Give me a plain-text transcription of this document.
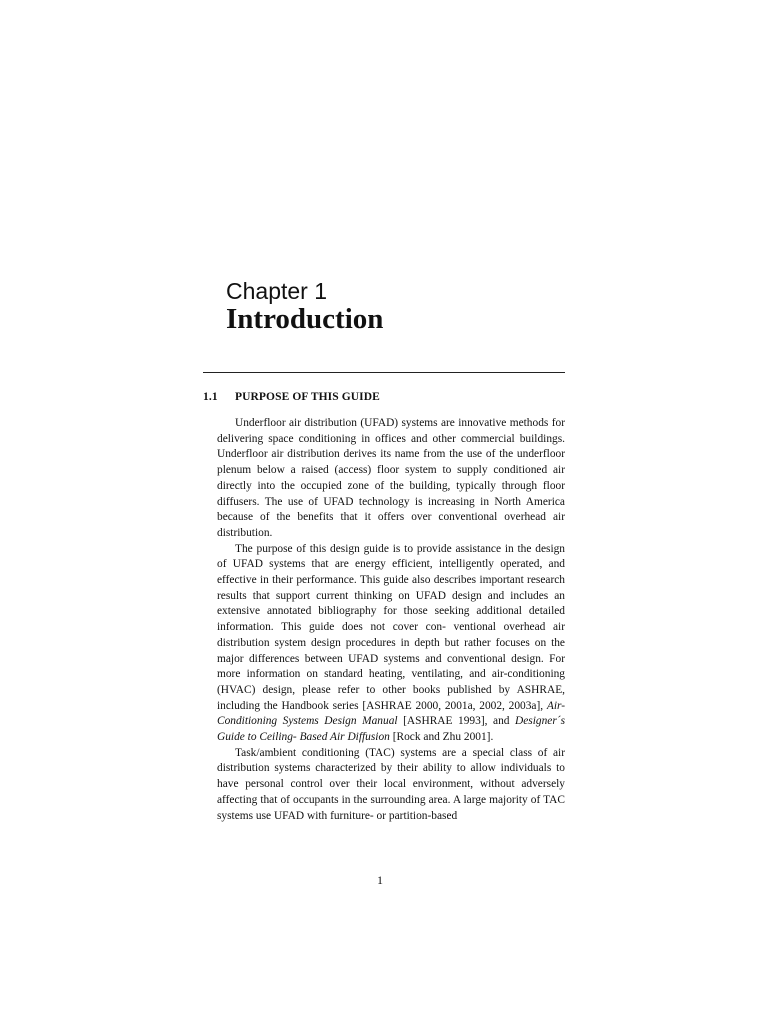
Chapter 1
Introduction
1.1 PURPOSE OF THIS GUIDE

Underfloor air distribution (UFAD) systems are innovative methods for delivering space conditioning in offices and other commercial buildings. Underfloor air distribution derives its name from the use of the underfloor plenum below a raised (access) floor system to supply conditioned air directly into the occupied zone of the building, typically through floor diffusers. The use of UFAD technology is increasing in North America because of the benefits that it offers over conventional overhead air distribution.

The purpose of this design guide is to provide assistance in the design of UFAD systems that are energy efficient, intelligently operated, and effective in their performance. This guide also describes important research results that support current thinking on UFAD design and includes an extensive annotated bibliography for those seeking additional detailed information. This guide does not cover con- ventional overhead air distribution system design procedures in depth but rather focuses on the major differences between UFAD systems and conventional design. For more information on standard heating, ventilating, and air-conditioning (HVAC) design, please refer to other books published by ASHRAE, including the Handbook series [ASHRAE 2000, 2001a, 2002, 2003a], Air-Conditioning Systems Design Manual [ASHRAE 1993], and Designer´s Guide to Ceiling- Based Air Diffusion [Rock and Zhu 2001].

Task/ambient conditioning (TAC) systems are a special class of air distribution systems characterized by their ability to allow individuals to have personal control over their local environment, without adversely affecting that of occupants in the surrounding area. A large majority of TAC systems use UFAD with furniture- or partition-based

1
